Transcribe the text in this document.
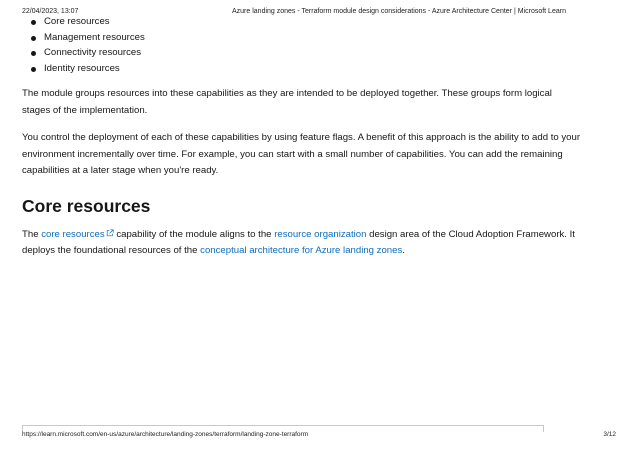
22/04/2023, 13:07	Azure landing zones - Terraform module design considerations - Azure Architecture Center | Microsoft Learn
Core resources
Management resources
Connectivity resources
Identity resources

The module groups resources into these capabilities as they are intended to be deployed together. These groups form logical stages of the implementation.

You control the deployment of each of these capabilities by using feature flags. A benefit of this approach is the ability to add to your environment incrementally over time. For example, you can start with a small number of capabilities. You can add the remaining capabilities at a later stage when you're ready.

Core resources

The core resources capability of the module aligns to the resource organization design area of the Cloud Adoption Framework. It deploys the foundational resources of the conceptual architecture for Azure landing zones.

https://learn.microsoft.com/en-us/azure/architecture/landing-zones/terraform/landing-zone-terraform	3/12
